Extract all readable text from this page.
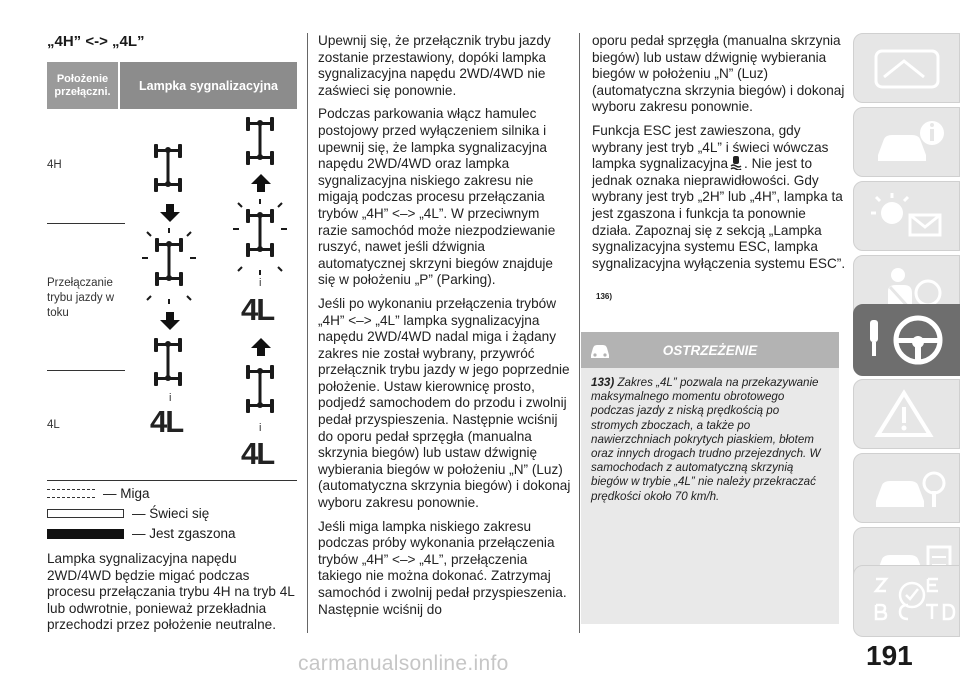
„4H” <-> „4L”
Położenie przełączni.	Lampka sygnalizacyjna
4H
Przełączanie trybu jazdy w toku
4L
i
4L
i
4L
i
4L
— Miga
— Świeci się
— Jest zgaszona

Lampka sygnalizacyjna napędu 2WD/4WD będzie migać podczas procesu przełączania trybu 4H na tryb 4L lub odwrotnie, ponieważ przekładnia przechodzi przez położenie neutralne.

Upewnij się, że przełącznik trybu jazdy zostanie przestawiony, dopóki lampka sygnalizacyjna napędu 2WD/4WD nie zaświeci się ponownie.

Podczas parkowania włącz hamulec postojowy przed wyłączeniem silnika i upewnij się, że lampka sygnalizacyjna napędu 2WD/4WD oraz lampka sygnalizacyjna niskiego zakresu nie migają podczas procesu przełączania trybów „4H” <–> „4L”. W przeciwnym razie samochód może niezpodziewanie ruszyć, nawet jeśli dźwignia automatycznej skrzyni biegów znajduje się w położeniu „P” (Parking).

Jeśli po wykonaniu przełączenia trybów „4H” <–> „4L” lampka sygnalizacyjna napędu 2WD/4WD nadal miga i żądany zakres nie został wybrany, przywróć przełącznik trybu jazdy w jego poprzednie położenie. Ustaw kierownicę prosto, podjedź samochodem do przodu i zwolnij pedał przyspieszenia. Następnie wciśnij do oporu pedał sprzęgła (manualna skrzynia biegów) lub ustaw dźwignię wybierania biegów w położeniu „N” (Luz) (automatyczna skrzynia biegów) i dokonaj wyboru zakresu ponownie.

Jeśli miga lampka niskiego zakresu podczas próby wykonania przełączenia trybów „4H” <–> „4L”, przełączenia takiego nie można dokonać. Zatrzymaj samochód i zwolnij pedał przyspieszenia. Następnie wciśnij do

oporu pedał sprzęgła (manualna skrzynia biegów) lub ustaw dźwignię wybierania biegów w położeniu „N” (Luz) (automatyczna skrzynia biegów) i dokonaj wyboru zakresu ponownie.

Funkcja ESC jest zawieszona, gdy wybrany jest tryb „4L” i świeci wówczas lampka sygnalizacyjna . Nie jest to jednak oznaka nieprawidłowości. Gdy wybrany jest tryb „2H” lub „4H”, lampka ta jest zgaszona i funkcja ta ponownie działa. Zapoznaj się z sekcją „Lampka sygnalizacyjna systemu ESC, lampka sygnalizacyjna wyłączenia systemu ESC”.

136)
OSTRZEŻENIE
133) Zakres „4L” pozwala na przekazywanie maksymalnego momentu obrotowego podczas jazdy z niską prędkością po stromych zboczach, a także po nawierzchniach pokrytych piaskiem, błotem oraz innych drogach trudno przejezdnych. W samochodach z automatyczną skrzynią biegów w trybie „4L” nie należy przekraczać prędkości około 70 km/h.
191
carmanualsonline.info
